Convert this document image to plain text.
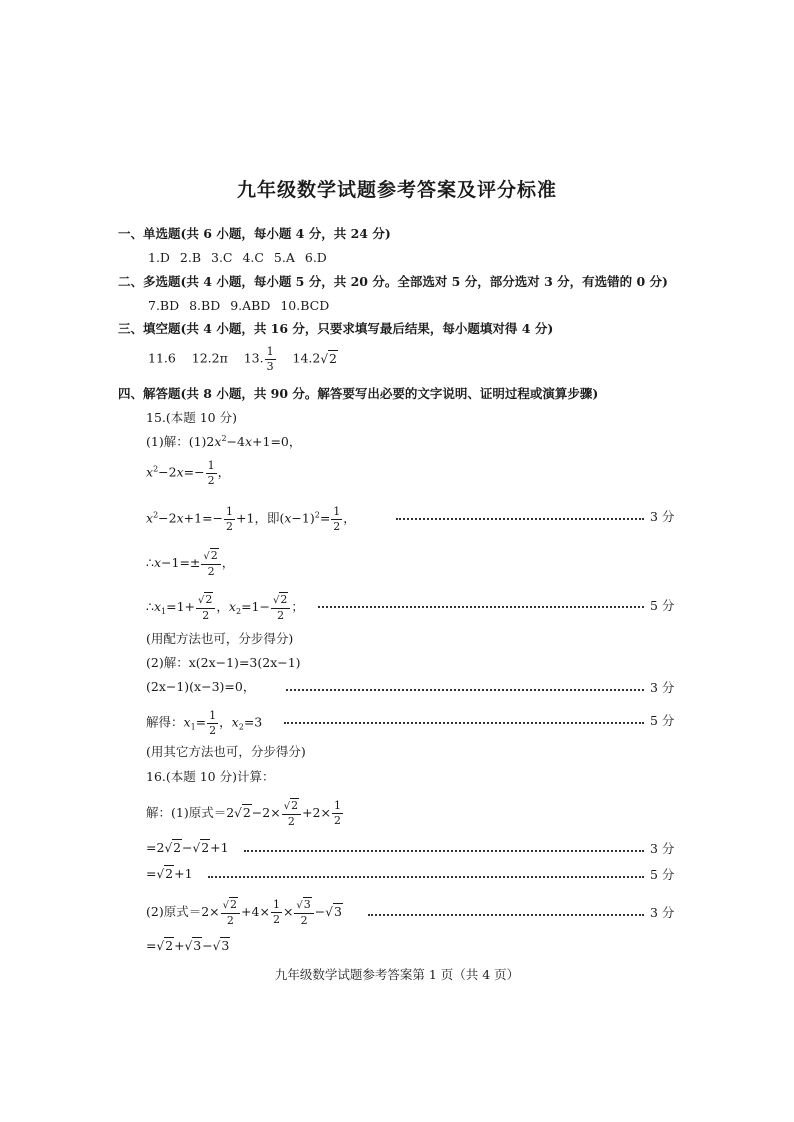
九年级数学试题参考答案及评分标准
一、单选题(共 6 小题，每小题 4 分，共 24 分)
1.D 2.B 3.C 4.C 5.A 6.D
二、多选题(共 4 小题，每小题 5 分，共 20 分。全部选对 5 分，部分选对 3 分，有选错的 0 分)
7.BD 8.BD 9.ABD 10.BCD
三、填空题(共 4 小题，共 16 分，只要求填写最后结果，每小题填对得 4 分)
11.6 12.2π 13. $\frac{1}{3} 14.2√2$
四、解答题(共 8 小题，共 90 分。解答要写出必要的文字说明、证明过程或演算步骤)
15.(本题 10 分)
(1)解：$(1)2x^2-4x+1=0$，
$x^2-2x=- \frac{1}{2}$ ，
$x^2-2x+1=- \frac{1}{2} +1$，即$(x-1)^2= \frac{1}{2}$ ，	3 分
∴x−1=± $\frac{√2}{2}$ ，
$\therefore x_1=1+ \frac{√2}{2}$ ，$x_2=1- \frac{√2}{2}$ ；	5 分
(用配方法也可，分步得分)
(2)解：x(2x−1)=3(2x−1)
(2x−1)(x−3)=0，	3 分
解得：$x_1= \frac{1}{2}$ ，$x_2=3$	5 分
(用其它方法也可，分步得分)
16.(本题 10 分)计算：
解：(1)原式$=2√2-2\times \frac{√2}{2} +2\times \frac{1}{2}$
=2√2−√2+1	3 分
=√2+1	5 分
(2)原式$=2\times \frac{√2}{2} +4\times \frac{1}{2} \times \frac{√3}{2} -√3$	3 分
=√2+√3−√3
九年级数学试题参考答案第 1 页（共 4 页）
